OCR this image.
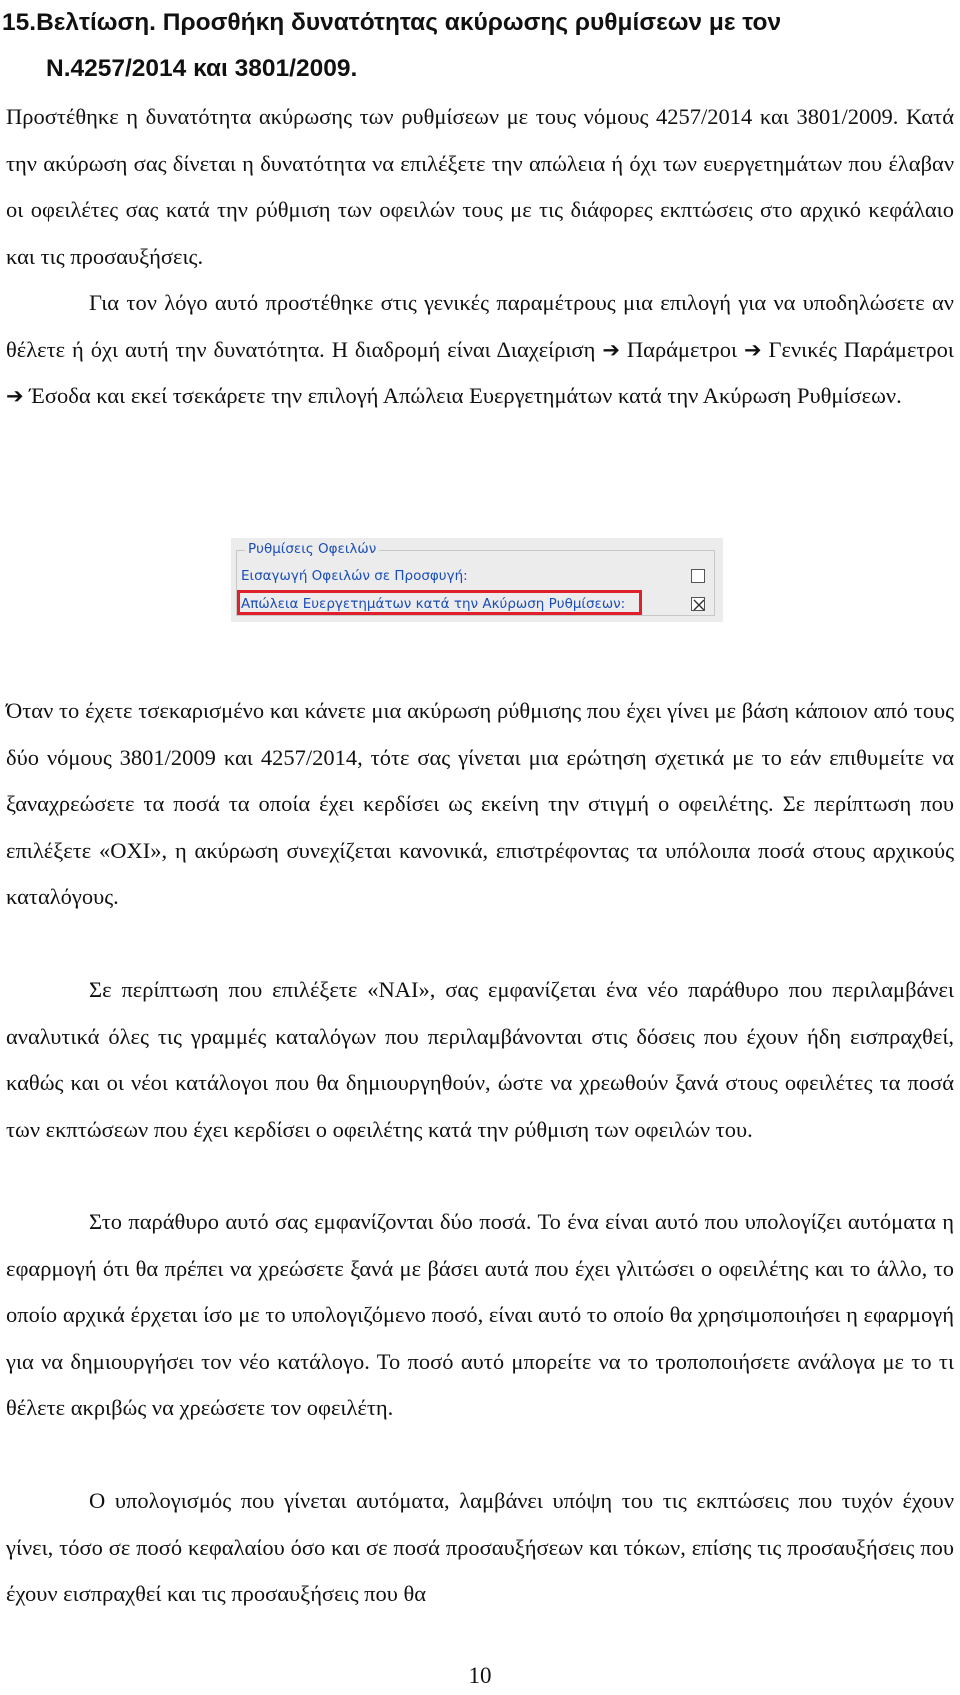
15.Βελτίωση. Προσθήκη δυνατότητας ακύρωσης ρυθμίσεων με τον
Ν.4257/2014 και 3801/2009.

Προστέθηκε η δυνατότητα ακύρωσης των ρυθμίσεων με τους νόμους 4257/2014 και 3801/2009. Κατά την ακύρωση σας δίνεται η δυνατότητα να επιλέξετε την απώλεια ή όχι των ευεργετημάτων που έλαβαν οι οφειλέτες σας κατά την ρύθμιση των οφειλών τους με τις διάφορες εκπτώσεις στο αρχικό κεφάλαιο και τις προσαυξήσεις.

Για τον λόγο αυτό προστέθηκε στις γενικές παραμέτρους μια επιλογή για να υποδηλώσετε αν θέλετε ή όχι αυτή την δυνατότητα. Η διαδρομή είναι Διαχείριση ➔ Παράμετροι ➔ Γενικές Παράμετροι ➔ Έσοδα και εκεί τσεκάρετε την επιλογή Απώλεια Ευεργετημάτων κατά την Ακύρωση Ρυθμίσεων.

Ρυθμίσεις Οφειλών
Εισαγωγή Οφειλών σε Προσφυγή:
Απώλεια Ευεργετημάτων κατά την Ακύρωση Ρυθμίσεων:

Όταν το έχετε τσεκαρισμένο και κάνετε μια ακύρωση ρύθμισης που έχει γίνει με βάση κάποιον από τους δύο νόμους 3801/2009 και 4257/2014, τότε σας γίνεται μια ερώτηση σχετικά με το εάν επιθυμείτε να ξαναχρεώσετε τα ποσά τα οποία έχει κερδίσει ως εκείνη την στιγμή ο οφειλέτης. Σε περίπτωση που επιλέξετε «ΟΧΙ», η ακύρωση συνεχίζεται κανονικά, επιστρέφοντας τα υπόλοιπα ποσά στους αρχικούς καταλόγους.

Σε περίπτωση που επιλέξετε «ΝΑΙ», σας εμφανίζεται ένα νέο παράθυρο που περιλαμβάνει αναλυτικά όλες τις γραμμές καταλόγων που περιλαμβάνονται στις δόσεις που έχουν ήδη εισπραχθεί, καθώς και οι νέοι κατάλογοι που θα δημιουργηθούν, ώστε να χρεωθούν ξανά στους οφειλέτες τα ποσά των εκπτώσεων που έχει κερδίσει ο οφειλέτης κατά την ρύθμιση των οφειλών του.

Στο παράθυρο αυτό σας εμφανίζονται δύο ποσά. Το ένα είναι αυτό που υπολογίζει αυτόματα η εφαρμογή ότι θα πρέπει να χρεώσετε ξανά με βάσει αυτά που έχει γλιτώσει ο οφειλέτης και το άλλο, το οποίο αρχικά έρχεται ίσο με το υπολογιζόμενο ποσό, είναι αυτό το οποίο θα χρησιμοποιήσει η εφαρμογή για να δημιουργήσει τον νέο κατάλογο. Το ποσό αυτό μπορείτε να το τροποποιήσετε ανάλογα με το τι θέλετε ακριβώς να χρεώσετε τον οφειλέτη.

Ο υπολογισμός που γίνεται αυτόματα, λαμβάνει υπόψη του τις εκπτώσεις που τυχόν έχουν γίνει, τόσο σε ποσό κεφαλαίου όσο και σε ποσά προσαυξήσεων και τόκων, επίσης τις προσαυξήσεις που έχουν εισπραχθεί και τις προσαυξήσεις που θα

10
